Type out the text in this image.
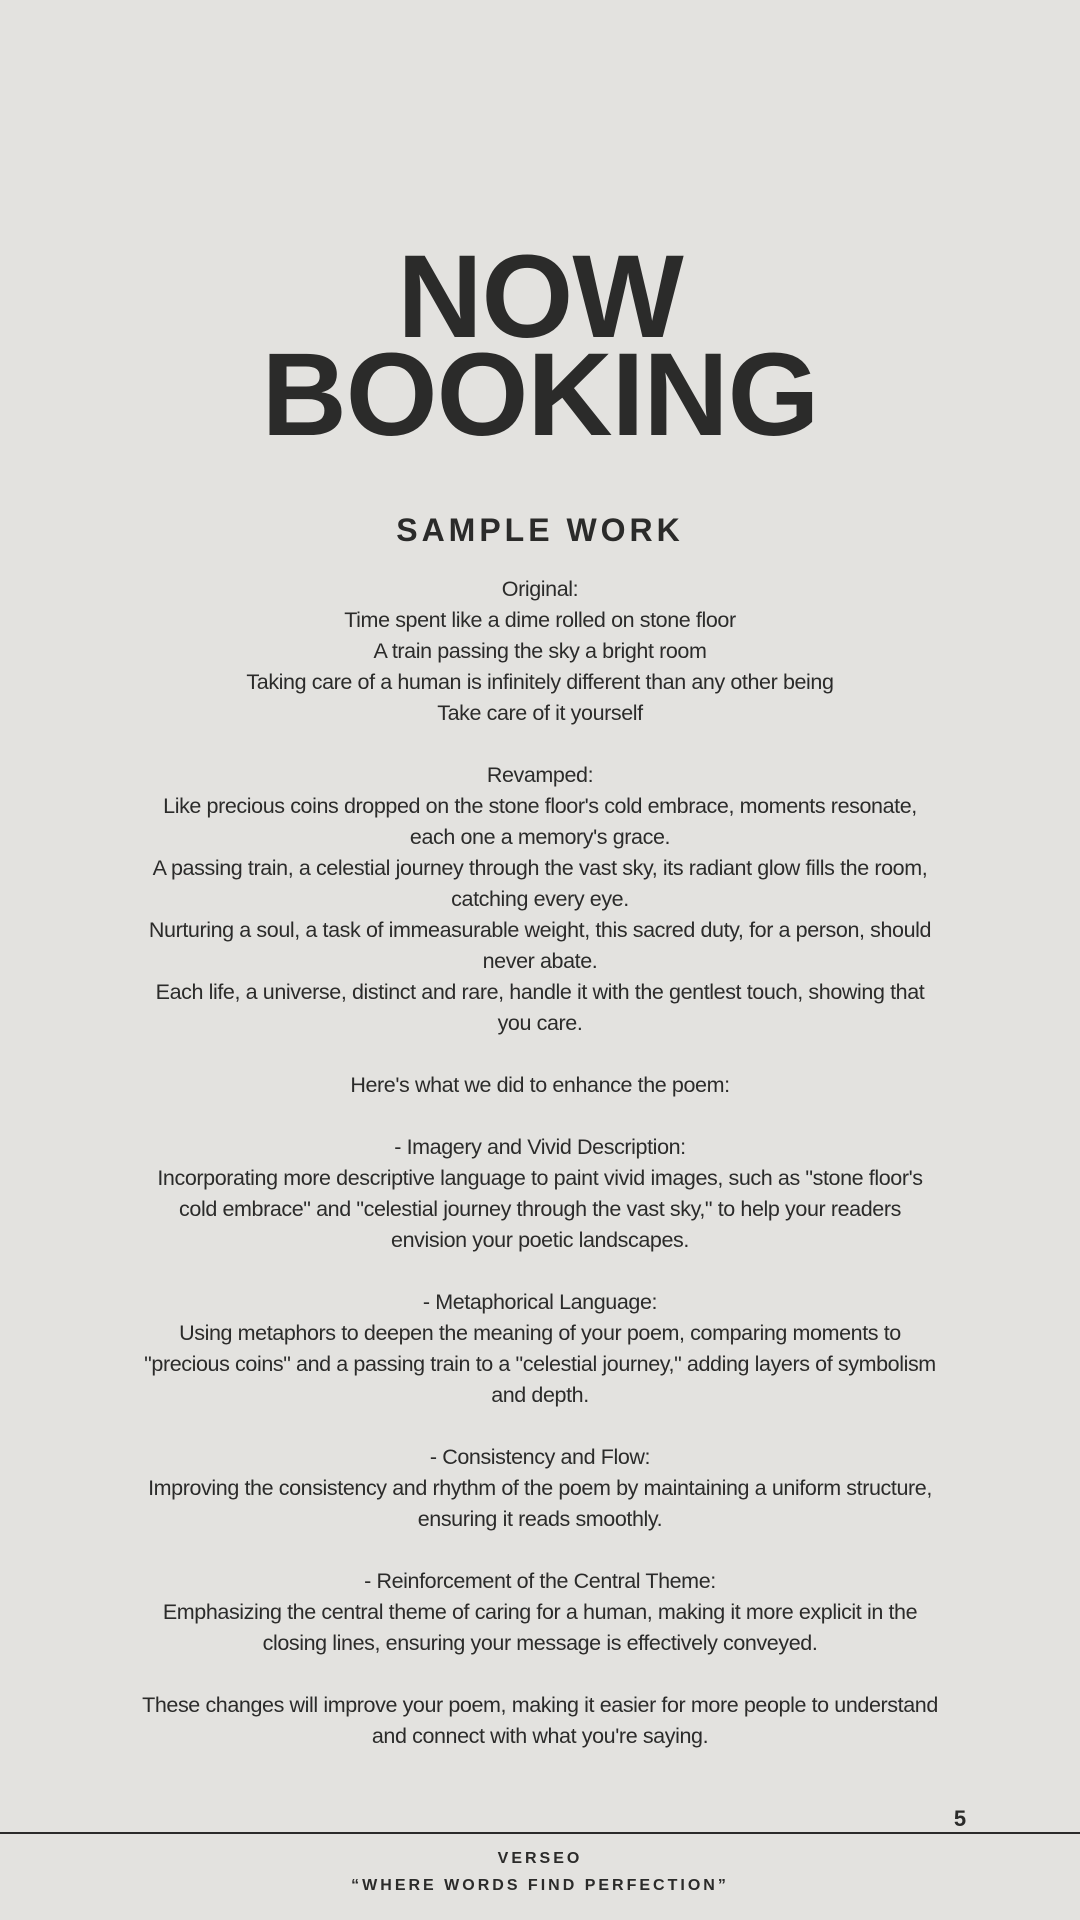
NOW
BOOKING
SAMPLE WORK
Original:
Time spent like a dime rolled on stone floor
A train passing the sky a bright room
Taking care of a human is infinitely different than any other being
Take care of it yourself
Revamped:
Like precious coins dropped on the stone floor's cold embrace, moments resonate, each one a memory's grace.
A passing train, a celestial journey through the vast sky, its radiant glow fills the room, catching every eye.
Nurturing a soul, a task of immeasurable weight, this sacred duty, for a person, should never abate.
Each life, a universe, distinct and rare, handle it with the gentlest touch, showing that you care.
Here's what we did to enhance the poem:
- Imagery and Vivid Description:
Incorporating more descriptive language to paint vivid images, such as "stone floor's cold embrace" and "celestial journey through the vast sky," to help your readers envision your poetic landscapes.
- Metaphorical Language:
Using metaphors to deepen the meaning of your poem, comparing moments to "precious coins" and a passing train to a "celestial journey," adding layers of symbolism and depth.
- Consistency and Flow:
Improving the consistency and rhythm of the poem by maintaining a uniform structure, ensuring it reads smoothly.
- Reinforcement of the Central Theme:
Emphasizing the central theme of caring for a human, making it more explicit in the closing lines, ensuring your message is effectively conveyed.
These changes will improve your poem, making it easier for more people to understand and connect with what you're saying.
5
VERSEO
“WHERE WORDS FIND PERFECTION”
